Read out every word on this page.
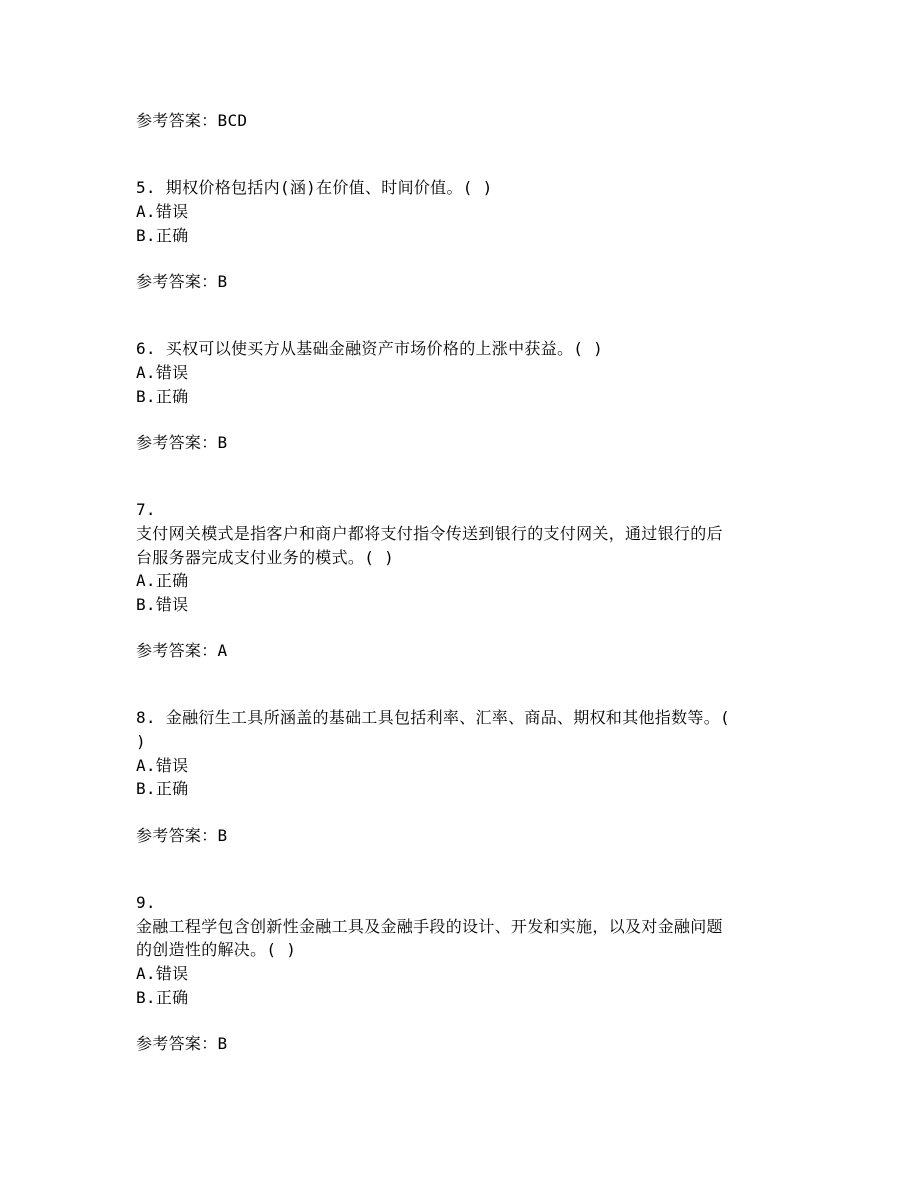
参考答案：BCD
5. 期权价格包括内(涵)在价值、时间价值。( )
A.错误
B.正确
参考答案：B
6. 买权可以使买方从基础金融资产市场价格的上涨中获益。( )
A.错误
B.正确
参考答案：B
7.
支付网关模式是指客户和商户都将支付指令传送到银行的支付网关，通过银行的后
台服务器完成支付业务的模式。( )
A.正确
B.错误
参考答案：A
8. 金融衍生工具所涵盖的基础工具包括利率、汇率、商品、期权和其他指数等。(
)
A.错误
B.正确
参考答案：B
9.
金融工程学包含创新性金融工具及金融手段的设计、开发和实施，以及对金融问题
的创造性的解决。( )
A.错误
B.正确
参考答案：B
